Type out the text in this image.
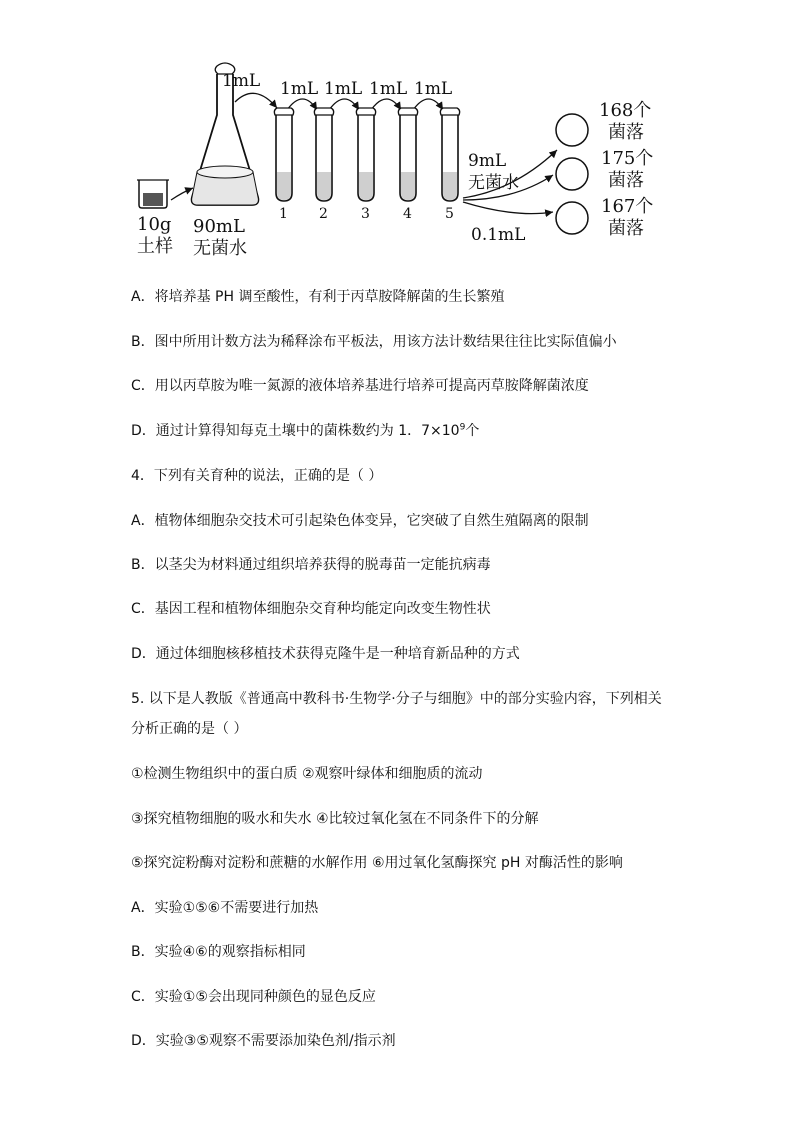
1mL 1mL 1mL 1mL 1mL
1 2 3 4 5
10g
土样
90mL
无菌水
9mL
无菌水
0.1mL
168个
菌落
175个
菌落
167个
菌落
A．将培养基 PH 调至酸性，有利于丙草胺降解菌的生长繁殖
B．图中所用计数方法为稀释涂布平板法，用该方法计数结果往往比实际值偏小
C．用以丙草胺为唯一氮源的液体培养基进行培养可提高丙草胺降解菌浓度
D．通过计算得知每克土壤中的菌株数约为 1．$7\times 10^9$个
4．下列有关育种的说法，正确的是（ ）
A．植物体细胞杂交技术可引起染色体变异，它突破了自然生殖隔离的限制
B．以茎尖为材料通过组织培养获得的脱毒苗一定能抗病毒
C．基因工程和植物体细胞杂交育种均能定向改变生物性状
D．通过体细胞核移植技术获得克隆牛是一种培育新品种的方式
5. 以下是人教版《普通高中教科书·生物学·分子与细胞》中的部分实验内容，下列相关
分析正确的是（ ）
①检测生物组织中的蛋白质 ②观察叶绿体和细胞质的流动
③探究植物细胞的吸水和失水 ④比较过氧化氢在不同条件下的分解
⑤探究淀粉酶对淀粉和蔗糖的水解作用 ⑥用过氧化氢酶探究 pH 对酶活性的影响
A．实验①⑤⑥不需要进行加热
B．实验④⑥的观察指标相同
C．实验①⑤会出现同种颜色的显色反应
D．实验③⑤观察不需要添加染色剂/指示剂
